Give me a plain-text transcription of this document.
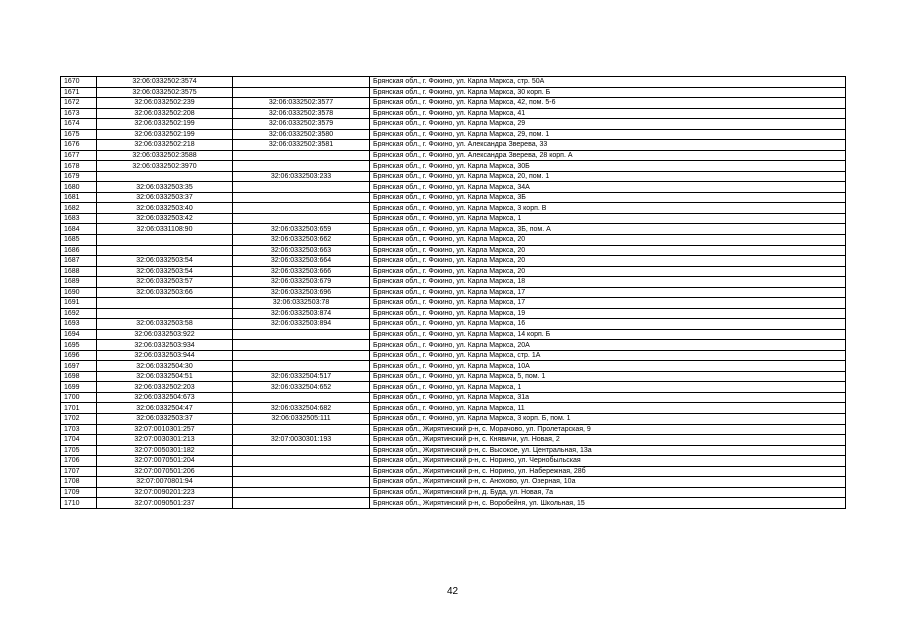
1670	32:06:0332502:3574		Брянская обл., г. Фокино, ул. Карла Маркса, стр. 50А
1671	32:06:0332502:3575		Брянская обл., г. Фокино, ул. Карла Маркса, 30 корп. Б
1672	32:06:0332502:239	32:06:0332502:3577	Брянская обл., г. Фокино, ул. Карла Маркса, 42, пом. 5-6
1673	32:06:0332502:208	32:06:0332502:3578	Брянская обл., г. Фокино, ул. Карла Маркса, 41
1674	32:06:0332502:199	32:06:0332502:3579	Брянская обл., г. Фокино, ул. Карла Маркса, 29
1675	32:06:0332502:199	32:06:0332502:3580	Брянская обл., г. Фокино, ул. Карла Маркса, 29, пом. 1
1676	32:06:0332502:218	32:06:0332502:3581	Брянская обл., г. Фокино, ул. Александра Зверева, 33
1677	32:06:0332502:3588		Брянская обл., г. Фокино, ул. Александра Зверева, 28 корп. А
1678	32:06:0332502:3970		Брянская обл., г. Фокино, ул. Карла Маркса, 30Б
1679		32:06:0332503:233	Брянская обл., г. Фокино, ул. Карла Маркса, 20, пом. 1
1680	32:06:0332503:35		Брянская обл., г. Фокино, ул. Карла Маркса, 34А
1681	32:06:0332503:37		Брянская обл., г. Фокино, ул. Карла Маркса, 3Б
1682	32:06:0332503:40		Брянская обл., г. Фокино, ул. Карла Маркса, 3 корп. В
1683	32:06:0332503:42		Брянская обл., г. Фокино, ул. Карла Маркса, 1
1684	32:06:0331108:90	32:06:0332503:659	Брянская обл., г. Фокино, ул. Карла Маркса, 3Б, пом. А
1685		32:06:0332503:662	Брянская обл., г. Фокино, ул. Карла Маркса, 20
1686		32:06:0332503:663	Брянская обл., г. Фокино, ул. Карла Маркса, 20
1687	32:06:0332503:54	32:06:0332503:664	Брянская обл., г. Фокино, ул. Карла Маркса, 20
1688	32:06:0332503:54	32:06:0332503:666	Брянская обл., г. Фокино, ул. Карла Маркса, 20
1689	32:06:0332503:57	32:06:0332503:679	Брянская обл., г. Фокино, ул. Карла Маркса, 18
1690	32:06:0332503:66	32:06:0332503:696	Брянская обл., г. Фокино, ул. Карла Маркса, 17
1691		32:06:0332503:78	Брянская обл., г. Фокино, ул. Карла Маркса, 17
1692		32:06:0332503:874	Брянская обл., г. Фокино, ул. Карла Маркса, 19
1693	32:06:0332503:58	32:06:0332503:894	Брянская обл., г. Фокино, ул. Карла Маркса, 16
1694	32:06:0332503:922		Брянская обл., г. Фокино, ул. Карла Маркса, 14 корп. Б
1695	32:06:0332503:934		Брянская обл., г. Фокино, ул. Карла Маркса, 20А
1696	32:06:0332503:944		Брянская обл., г. Фокино, ул. Карла Маркса, стр. 1А
1697	32:06:0332504:30		Брянская обл., г. Фокино, ул. Карла Маркса, 10А
1698	32:06:0332504:51	32:06:0332504:517	Брянская обл., г. Фокино, ул. Карла Маркса, 5, пом. 1
1699	32:06:0332502:203	32:06:0332504:652	Брянская обл., г. Фокино, ул. Карла Маркса, 1
1700	32:06:0332504:673		Брянская обл., г. Фокино, ул. Карла Маркса, 31а
1701	32:06:0332504:47	32:06:0332504:682	Брянская обл., г. Фокино, ул. Карла Маркса, 11
1702	32:06:0332503:37	32:06:0332505:111	Брянская обл., г. Фокино, ул. Карла Маркса, 3 корп. Б, пом. 1
1703	32:07:0010301:257		Брянская обл., Жирятинский р-н, с. Морачово, ул. Пролетарская, 9
1704	32:07:0030301:213	32:07:0030301:193	Брянская обл., Жирятинский р-н, с. Княвичи, ул. Новая, 2
1705	32:07:0050301:182		Брянская обл., Жирятинский р-н, с. Высокое, ул. Центральная, 13а
1706	32:07:0070501:204		Брянская обл., Жирятинский р-н, с. Норино, ул. Чернобыльская
1707	32:07:0070501:206		Брянская обл., Жирятинский р-н, с. Норино, ул. Набережная, 28б
1708	32:07:0070801:94		Брянская обл., Жирятинский р-н, с. Анохово, ул. Озерная, 10а
1709	32:07:0090201:223		Брянская обл., Жирятинский р-н, д. Буда, ул. Новая, 7а
1710	32:07:0090501:237		Брянская обл., Жирятинский р-н, с. Воробейня, ул. Школьная, 15
42
